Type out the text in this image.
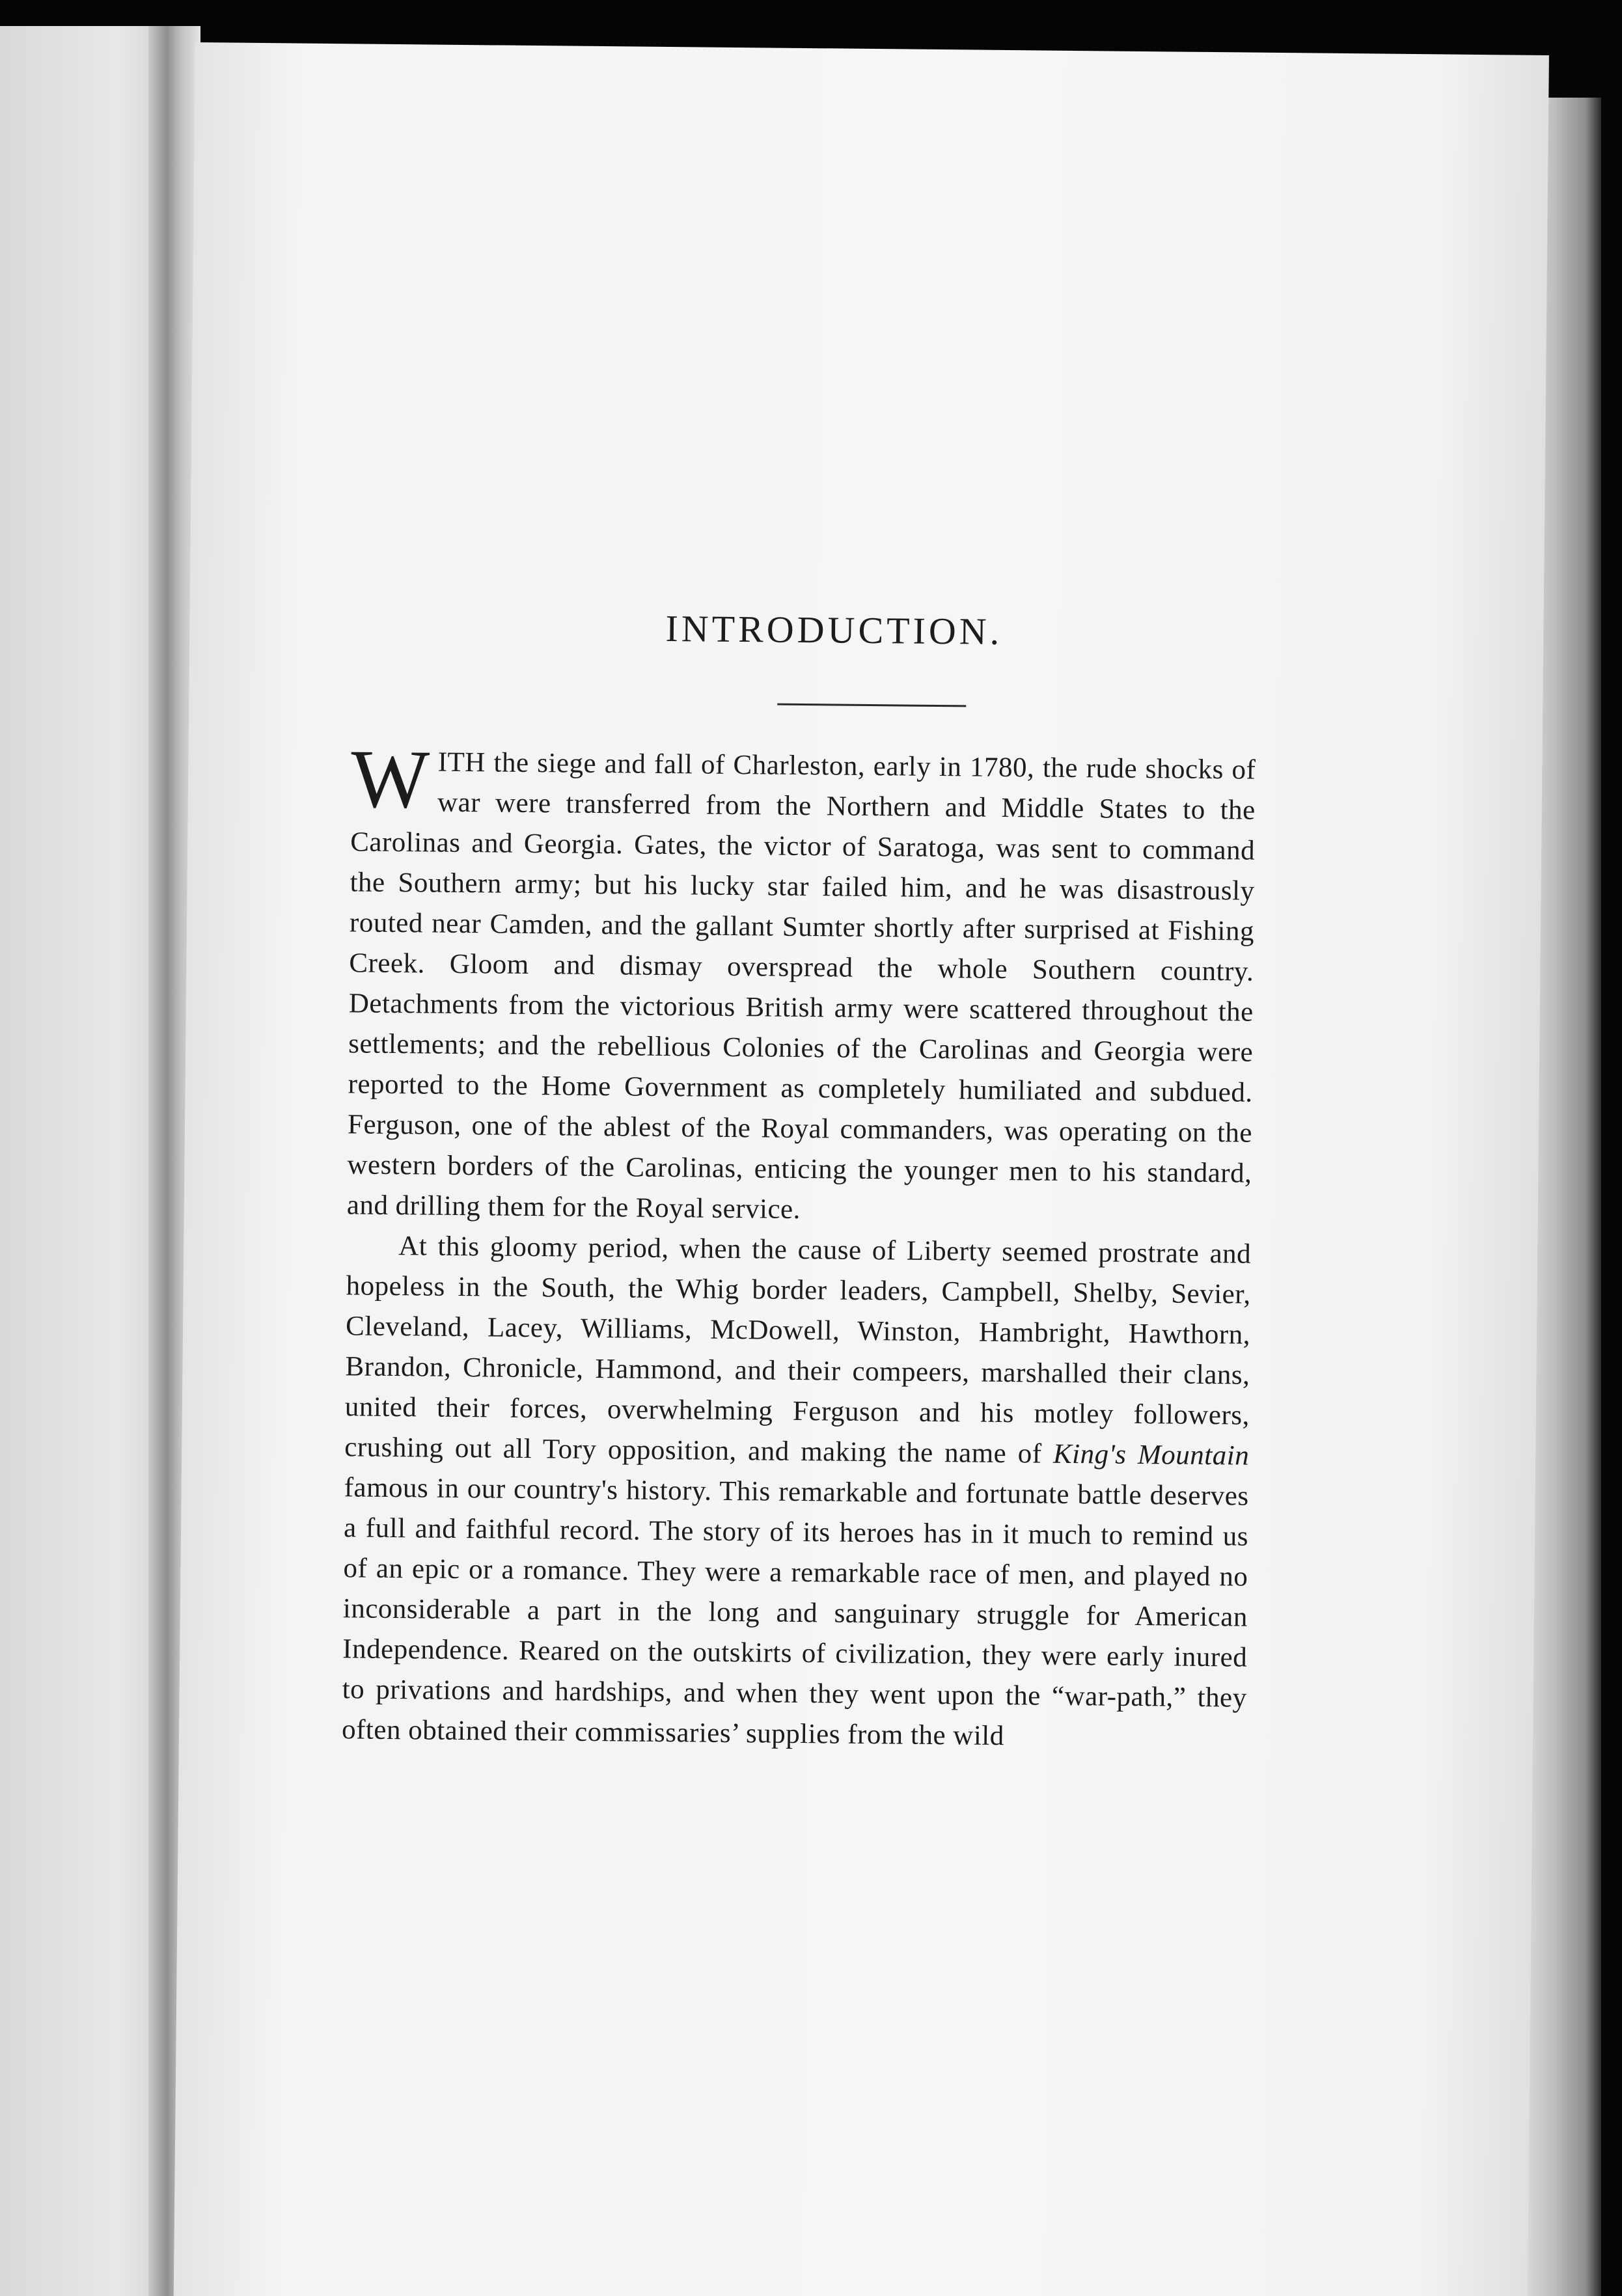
INTRODUCTION.

WITH the siege and fall of Charleston, early in 1780, the rude shocks of war were transferred from the Northern and Middle States to the Carolinas and Georgia. Gates, the victor of Saratoga, was sent to command the Southern army; but his lucky star failed him, and he was disastrously routed near Camden, and the gallant Sumter shortly after surprised at Fishing Creek. Gloom and dismay overspread the whole Southern country. Detachments from the victorious British army were scattered throughout the settlements; and the rebellious Colonies of the Carolinas and Georgia were reported to the Home Government as completely humiliated and subdued. Ferguson, one of the ablest of the Royal commanders, was operating on the western borders of the Carolinas, enticing the younger men to his standard, and drilling them for the Royal service.

At this gloomy period, when the cause of Liberty seemed prostrate and hopeless in the South, the Whig border leaders, Campbell, Shelby, Sevier, Cleveland, Lacey, Williams, McDowell, Winston, Hambright, Hawthorn, Brandon, Chronicle, Hammond, and their compeers, marshalled their clans, united their forces, overwhelming Ferguson and his motley followers, crushing out all Tory opposition, and making the name of King's Mountain famous in our country's history. This remarkable and fortunate battle deserves a full and faithful record. The story of its heroes has in it much to remind us of an epic or a romance. They were a remarkable race of men, and played no inconsiderable a part in the long and sanguinary struggle for American Independence. Reared on the outskirts of civilization, they were early inured to privations and hardships, and when they went upon the “war-path,” they often obtained their commissaries’ supplies from the wild
